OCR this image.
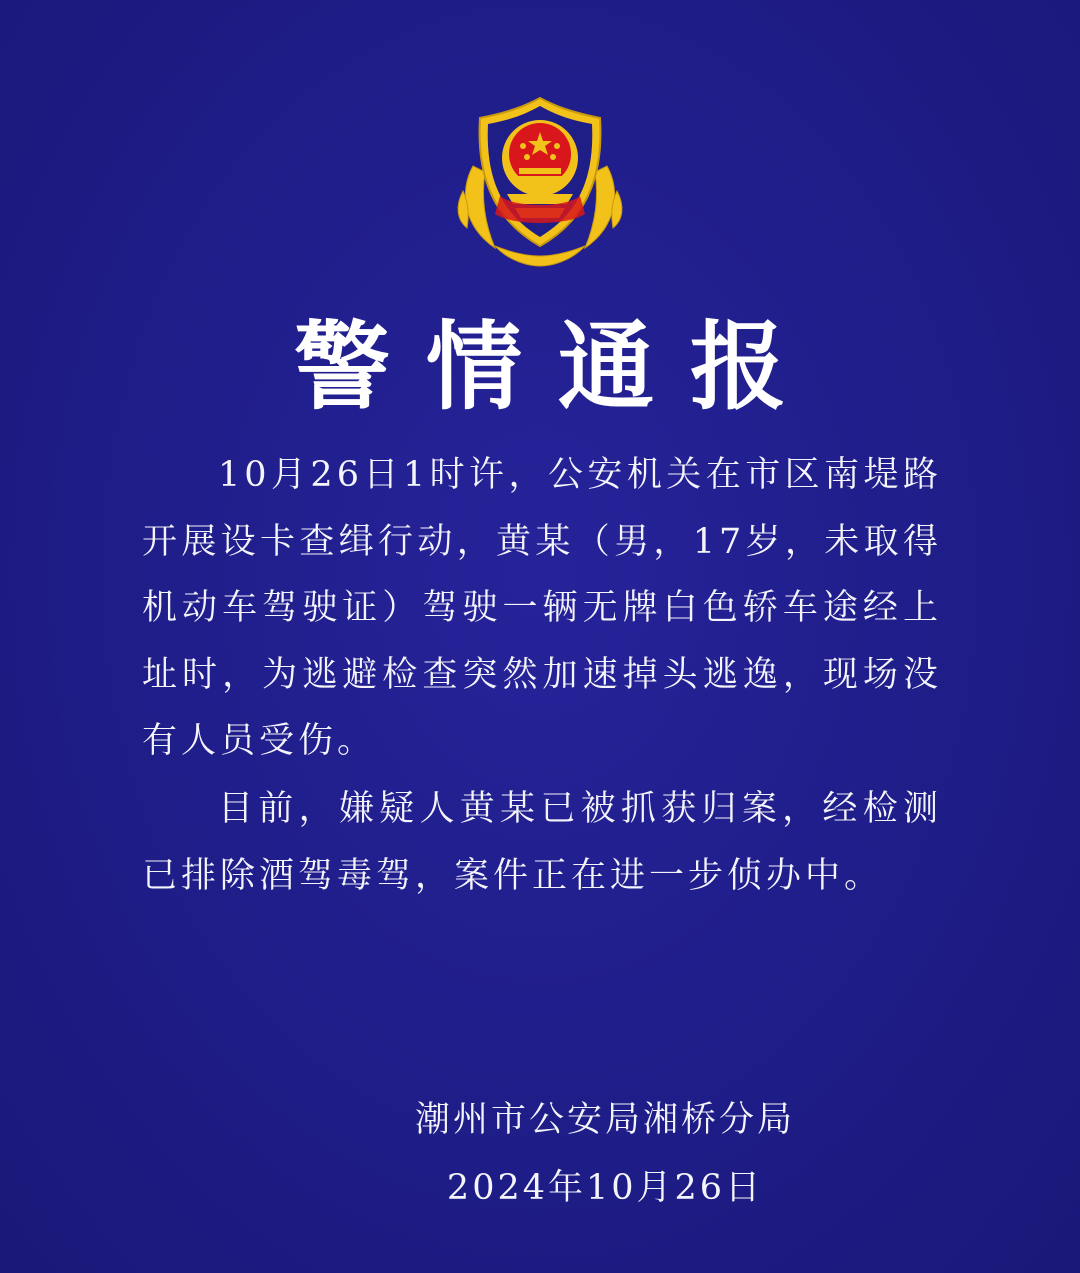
警情通报

10月26日1时许，公安机关在市区南堤路开展设卡查缉行动，黄某（男，17岁，未取得机动车驾驶证）驾驶一辆无牌白色轿车途经上址时，为逃避检查突然加速掉头逃逸，现场没有人员受伤。

目前，嫌疑人黄某已被抓获归案，经检测已排除酒驾毒驾，案件正在进一步侦办中。

潮州市公安局湘桥分局
2024年10月26日
